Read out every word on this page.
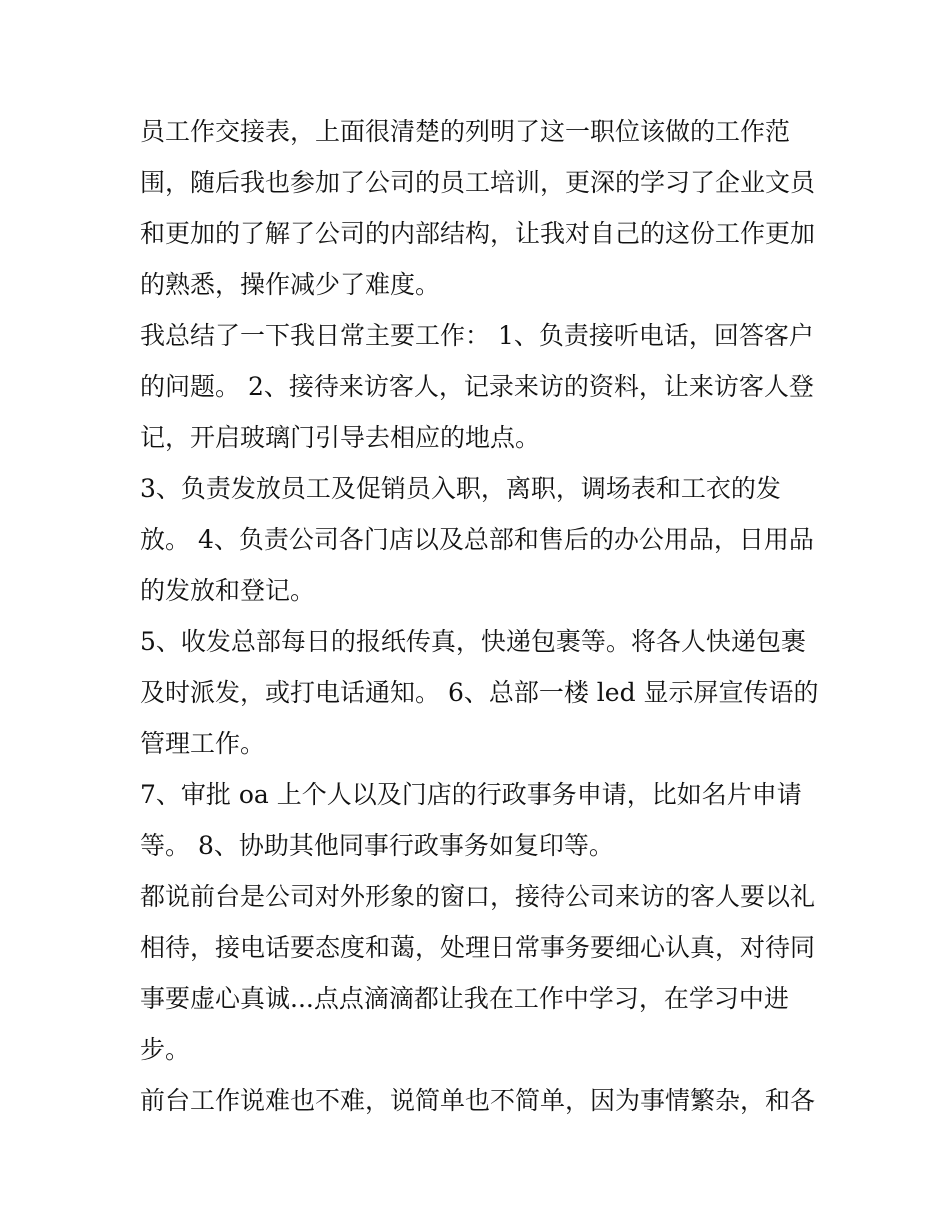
员工作交接表，上面很清楚的列明了这一职位该做的工作范
围，随后我也参加了公司的员工培训，更深的学习了企业文员
和更加的了解了公司的内部结构，让我对自己的这份工作更加
的熟悉，操作减少了难度。
我总结了一下我日常主要工作： 1、负责接听电话，回答客户
的问题。 2、接待来访客人，记录来访的资料，让来访客人登
记，开启玻璃门引导去相应的地点。
3、负责发放员工及促销员入职，离职，调场表和工衣的发
放。 4、负责公司各门店以及总部和售后的办公用品，日用品
的发放和登记。
5、收发总部每日的报纸传真，快递包裹等。将各人快递包裹
及时派发，或打电话通知。 6、总部一楼 led 显示屏宣传语的
管理工作。
7、审批 oa 上个人以及门店的行政事务申请，比如名片申请
等。 8、协助其他同事行政事务如复印等。
都说前台是公司对外形象的窗口，接待公司来访的客人要以礼
相待，接电话要态度和蔼，处理日常事务要细心认真，对待同
事要虚心真诚...点点滴滴都让我在工作中学习，在学习中进
步。
前台工作说难也不难，说简单也不简单，因为事情繁杂，和各
